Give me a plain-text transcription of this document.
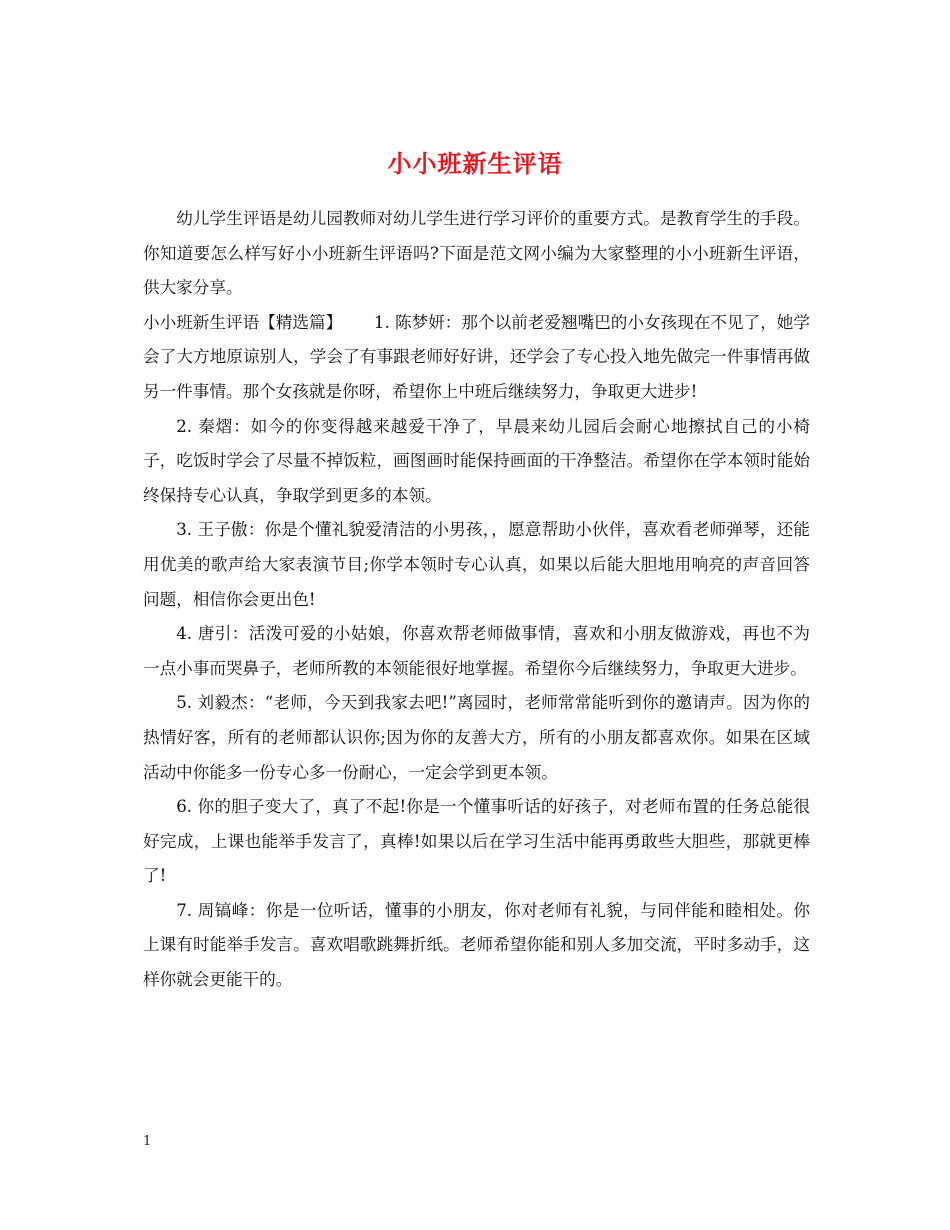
小小班新生评语

幼儿学生评语是幼儿园教师对幼儿学生进行学习评价的重要方式。是教育学生的手段。你知道要怎么样写好小小班新生评语吗?下面是范文网小编为大家整理的小小班新生评语，供大家分享。

小小班新生评语【精选篇】 1. 陈梦妍：那个以前老爱翘嘴巴的小女孩现在不见了，她学会了大方地原谅别人，学会了有事跟老师好好讲，还学会了专心投入地先做完一件事情再做另一件事情。那个女孩就是你呀，希望你上中班后继续努力，争取更大进步!

2. 秦熠：如今的你变得越来越爱干净了，早晨来幼儿园后会耐心地擦拭自己的小椅子，吃饭时学会了尽量不掉饭粒，画图画时能保持画面的干净整洁。希望你在学本领时能始终保持专心认真，争取学到更多的本领。

3. 王子傲：你是个懂礼貌爱清洁的小男孩，，愿意帮助小伙伴，喜欢看老师弹琴，还能用优美的歌声给大家表演节目;你学本领时专心认真，如果以后能大胆地用响亮的声音回答问题，相信你会更出色!

4. 唐引：活泼可爱的小姑娘，你喜欢帮老师做事情，喜欢和小朋友做游戏，再也不为一点小事而哭鼻子，老师所教的本领能很好地掌握。希望你今后继续努力，争取更大进步。

5. 刘毅杰：“老师，今天到我家去吧!”离园时，老师常常能听到你的邀请声。因为你的热情好客，所有的老师都认识你;因为你的友善大方，所有的小朋友都喜欢你。如果在区域活动中你能多一份专心多一份耐心，一定会学到更本领。

6. 你的胆子变大了，真了不起!你是一个懂事听话的好孩子，对老师布置的任务总能很好完成，上课也能举手发言了，真棒!如果以后在学习生活中能再勇敢些大胆些，那就更棒了!

7. 周镐峰：你是一位听话，懂事的小朋友，你对老师有礼貌，与同伴能和睦相处。你上课有时能举手发言。喜欢唱歌跳舞折纸。老师希望你能和别人多加交流，平时多动手，这样你就会更能干的。

1
